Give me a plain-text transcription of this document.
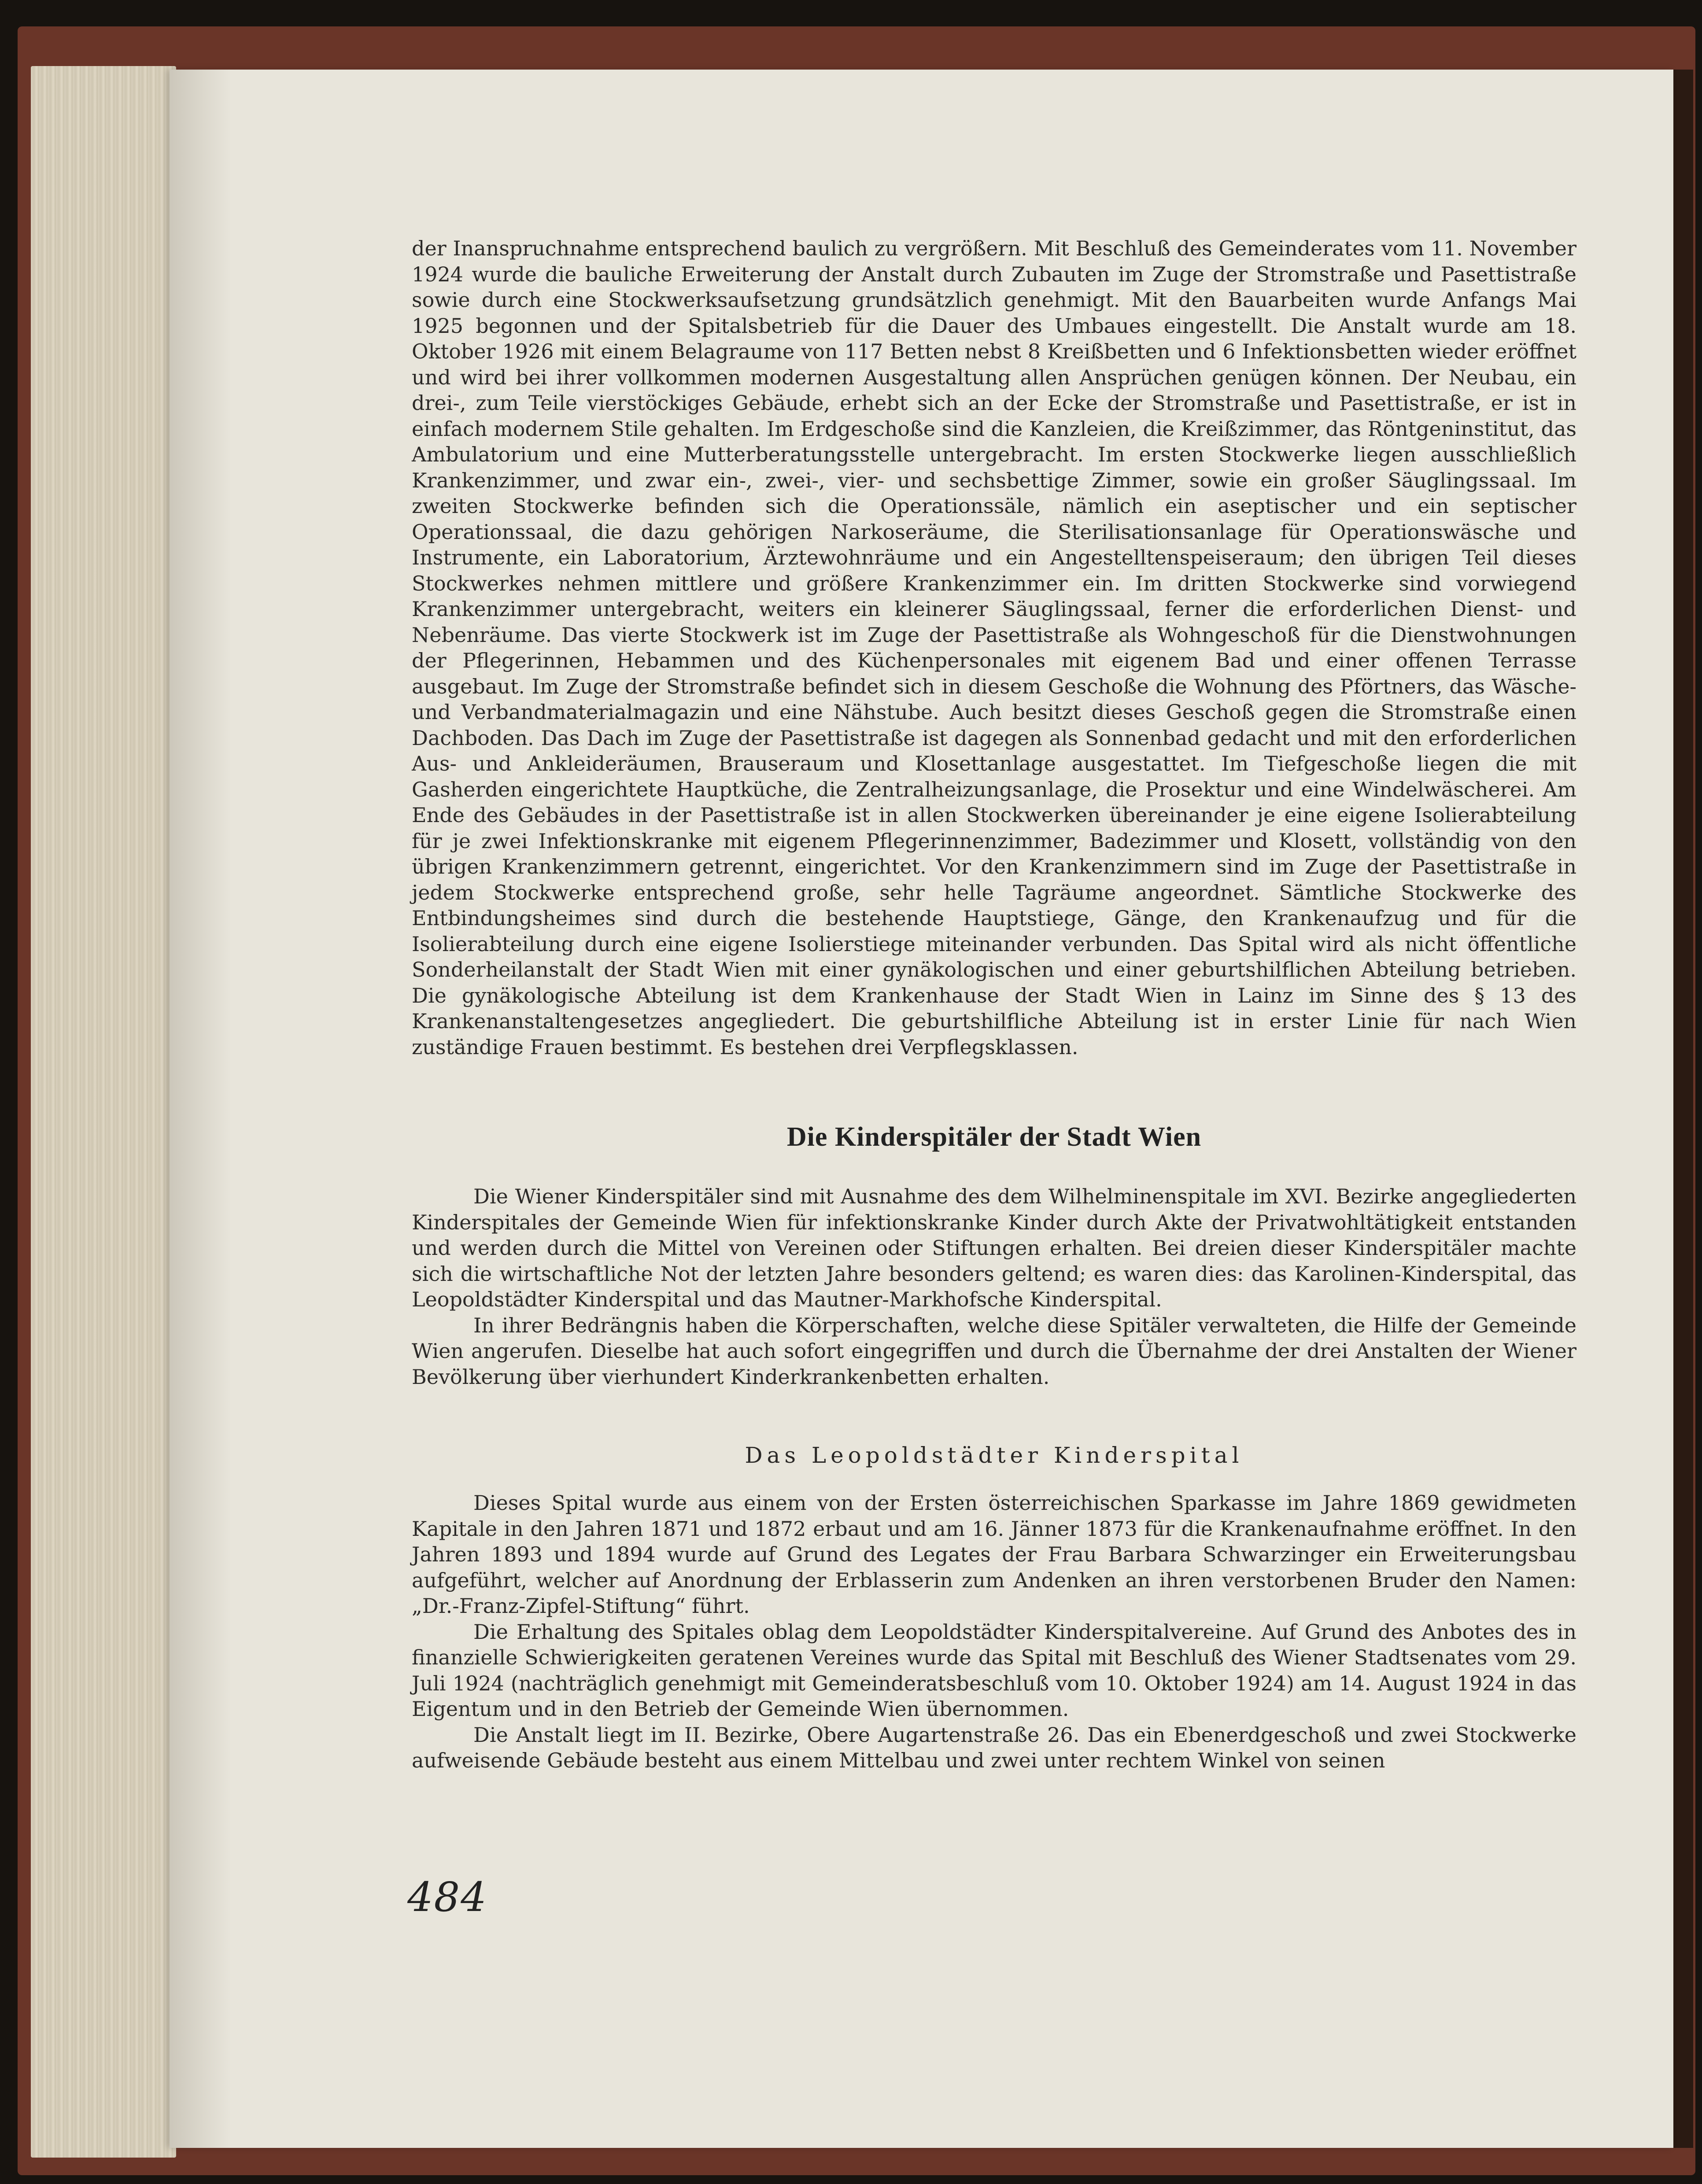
der Inanspruchnahme entsprechend baulich zu vergrößern. Mit Beschluß des Gemeinderates vom 11. November 1924 wurde die bauliche Erweiterung der Anstalt durch Zubauten im Zuge der Stromstraße und Pasettistraße sowie durch eine Stockwerksaufsetzung grundsätzlich genehmigt. Mit den Bauarbeiten wurde Anfangs Mai 1925 begonnen und der Spitalsbetrieb für die Dauer des Umbaues eingestellt. Die Anstalt wurde am 18. Oktober 1926 mit einem Belagraume von 117 Betten nebst 8 Kreißbetten und 6 Infektionsbetten wieder eröffnet und wird bei ihrer vollkommen modernen Ausgestaltung allen Ansprüchen genügen können. Der Neubau, ein drei-, zum Teile vierstöckiges Gebäude, erhebt sich an der Ecke der Stromstraße und Pasettistraße, er ist in einfach modernem Stile gehalten. Im Erdgeschoße sind die Kanzleien, die Kreißzimmer, das Röntgeninstitut, das Ambulatorium und eine Mutterberatungsstelle untergebracht. Im ersten Stockwerke liegen ausschließlich Krankenzimmer, und zwar ein-, zwei-, vier- und sechsbettige Zimmer, sowie ein großer Säuglingssaal. Im zweiten Stockwerke befinden sich die Operationssäle, nämlich ein aseptischer und ein septischer Operationssaal, die dazu gehörigen Narkoseräume, die Sterilisationsanlage für Operationswäsche und Instrumente, ein Laboratorium, Ärztewohnräume und ein Angestelltenspeiseraum; den übrigen Teil dieses Stockwerkes nehmen mittlere und größere Krankenzimmer ein. Im dritten Stockwerke sind vorwiegend Krankenzimmer untergebracht, weiters ein kleinerer Säuglingssaal, ferner die erforderlichen Dienst- und Nebenräume. Das vierte Stockwerk ist im Zuge der Pasettistraße als Wohngeschoß für die Dienstwohnungen der Pflegerinnen, Hebammen und des Küchenpersonales mit eigenem Bad und einer offenen Terrasse ausgebaut. Im Zuge der Stromstraße befindet sich in diesem Geschoße die Wohnung des Pförtners, das Wäsche- und Verbandmaterialmagazin und eine Nähstube. Auch besitzt dieses Geschoß gegen die Stromstraße einen Dachboden. Das Dach im Zuge der Pasettistraße ist dagegen als Sonnenbad gedacht und mit den erforderlichen Aus- und Ankleideräumen, Brauseraum und Klosettanlage ausgestattet. Im Tiefgeschoße liegen die mit Gasherden eingerichtete Hauptküche, die Zentralheizungsanlage, die Prosektur und eine Windelwäscherei. Am Ende des Gebäudes in der Pasettistraße ist in allen Stockwerken übereinander je eine eigene Isolierabteilung für je zwei Infektionskranke mit eigenem Pflegerinnenzimmer, Badezimmer und Klosett, vollständig von den übrigen Krankenzimmern getrennt, eingerichtet. Vor den Krankenzimmern sind im Zuge der Pasettistraße in jedem Stockwerke entsprechend große, sehr helle Tagräume angeordnet. Sämtliche Stockwerke des Entbindungsheimes sind durch die bestehende Hauptstiege, Gänge, den Krankenaufzug und für die Isolierabteilung durch eine eigene Isolierstiege miteinander verbunden. Das Spital wird als nicht öffentliche Sonderheilanstalt der Stadt Wien mit einer gynäkologischen und einer geburtshilflichen Abteilung betrieben. Die gynäkologische Abteilung ist dem Krankenhause der Stadt Wien in Lainz im Sinne des § 13 des Krankenanstaltengesetzes angegliedert. Die geburtshilfliche Abteilung ist in erster Linie für nach Wien zuständige Frauen bestimmt. Es bestehen drei Verpflegsklassen.

Die Kinderspitäler der Stadt Wien

Die Wiener Kinderspitäler sind mit Ausnahme des dem Wilhelminenspitale im XVI. Bezirke angegliederten Kinderspitales der Gemeinde Wien für infektionskranke Kinder durch Akte der Privatwohltätigkeit entstanden und werden durch die Mittel von Vereinen oder Stiftungen erhalten. Bei dreien dieser Kinderspitäler machte sich die wirtschaftliche Not der letzten Jahre besonders geltend; es waren dies: das Karolinen-Kinderspital, das Leopoldstädter Kinderspital und das Mautner-Markhofsche Kinderspital.

In ihrer Bedrängnis haben die Körperschaften, welche diese Spitäler verwalteten, die Hilfe der Gemeinde Wien angerufen. Dieselbe hat auch sofort eingegriffen und durch die Übernahme der drei Anstalten der Wiener Bevölkerung über vierhundert Kinderkrankenbetten erhalten.

Das Leopoldstädter Kinderspital

Dieses Spital wurde aus einem von der Ersten österreichischen Sparkasse im Jahre 1869 gewidmeten Kapitale in den Jahren 1871 und 1872 erbaut und am 16. Jänner 1873 für die Krankenaufnahme eröffnet. In den Jahren 1893 und 1894 wurde auf Grund des Legates der Frau Barbara Schwarzinger ein Erweiterungsbau aufgeführt, welcher auf Anordnung der Erblasserin zum Andenken an ihren verstorbenen Bruder den Namen: „Dr.-Franz-Zipfel-Stiftung“ führt.

Die Erhaltung des Spitales oblag dem Leopoldstädter Kinderspitalvereine. Auf Grund des Anbotes des in finanzielle Schwierigkeiten geratenen Vereines wurde das Spital mit Beschluß des Wiener Stadtsenates vom 29. Juli 1924 (nachträglich genehmigt mit Gemeinderatsbeschluß vom 10. Oktober 1924) am 14. August 1924 in das Eigentum und in den Betrieb der Gemeinde Wien übernommen.

Die Anstalt liegt im II. Bezirke, Obere Augartenstraße 26. Das ein Ebenerdgeschoß und zwei Stockwerke aufweisende Gebäude besteht aus einem Mittelbau und zwei unter rechtem Winkel von seinen

484
